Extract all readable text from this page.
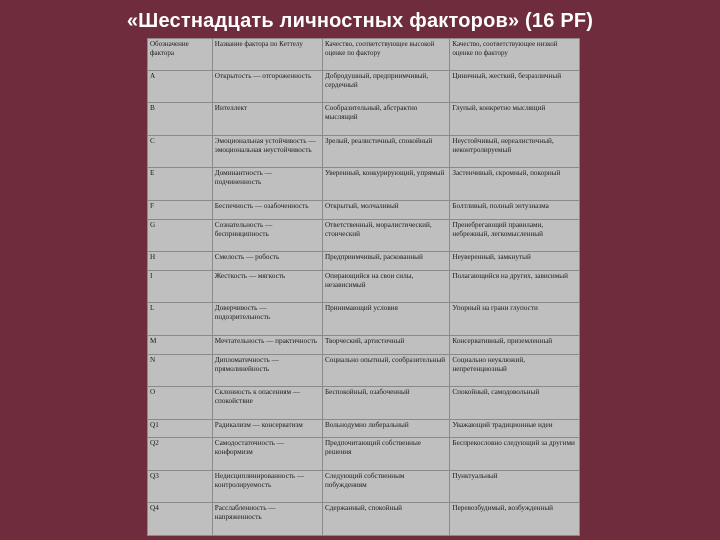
«Шестнадцать личностных факторов» (16 PF)
Обозначение фактора	Название фактора по Кеттелу	Качество, соответствующее высокой оценке по фактору	Качество, соответствующее низкой оценке по фактору
A	Открытость — отгороженность	Добродушный, предприимчивый, сердечный	Циничный, жесткий, безразличный
B	Интеллект	Сообразительный, абстрактно мыслящий	Глупый, конкретно мыслящий
C	Эмоциональная устойчивость — эмоциональная неустойчивость	Зрелый, реалистичный, спокойный	Неустойчивый, нереалистичный, неконтролируемый
E	Доминантность — подчиненность	Уверенный, конкурирующий, упрямый	Застенчивый, скромный, покорный
F	Беспечность — озабоченность	Открытый, молчаливый	Болтливый, полный энтузиазма
G	Сознательность — беспринципность	Ответственный, моралистический, стоический	Пренебрегающий правилами, небрежный, легкомысленный
H	Смелость — робость	Предприимчивый, раскованный	Неуверенный, замкнутый
I	Жесткость — мягкость	Опирающийся на свои силы, независимый	Полагающийся на других, зависимый
L	Доверчивость — подозрительность	Принимающий условия	Упорный на грани глупости
M	Мечтательность — практичность	Творческий, артистичный	Консервативный, приземленный
N	Дипломатичность — прямолинейность	Социально опытный, сообразительный	Социально неуклюжий, непретенциозный
O	Склонность к опасениям — спокойствие	Беспокойный, озабоченный	Спокойный, самодовольный
Q1	Радикализм — консерватизм	Вольнодумно либеральный	Уважающий традиционные идеи
Q2	Самодостаточность — конформизм	Предпочитающий собственные решения	Беспрекословно следующий за другими
Q3	Недисциплинированность — контролируемость	Следующий собственным побуждениям	Пунктуальный
Q4	Расслабленность — напряженность	Сдержанный, спокойный	Перевозбудимый, возбужденный
